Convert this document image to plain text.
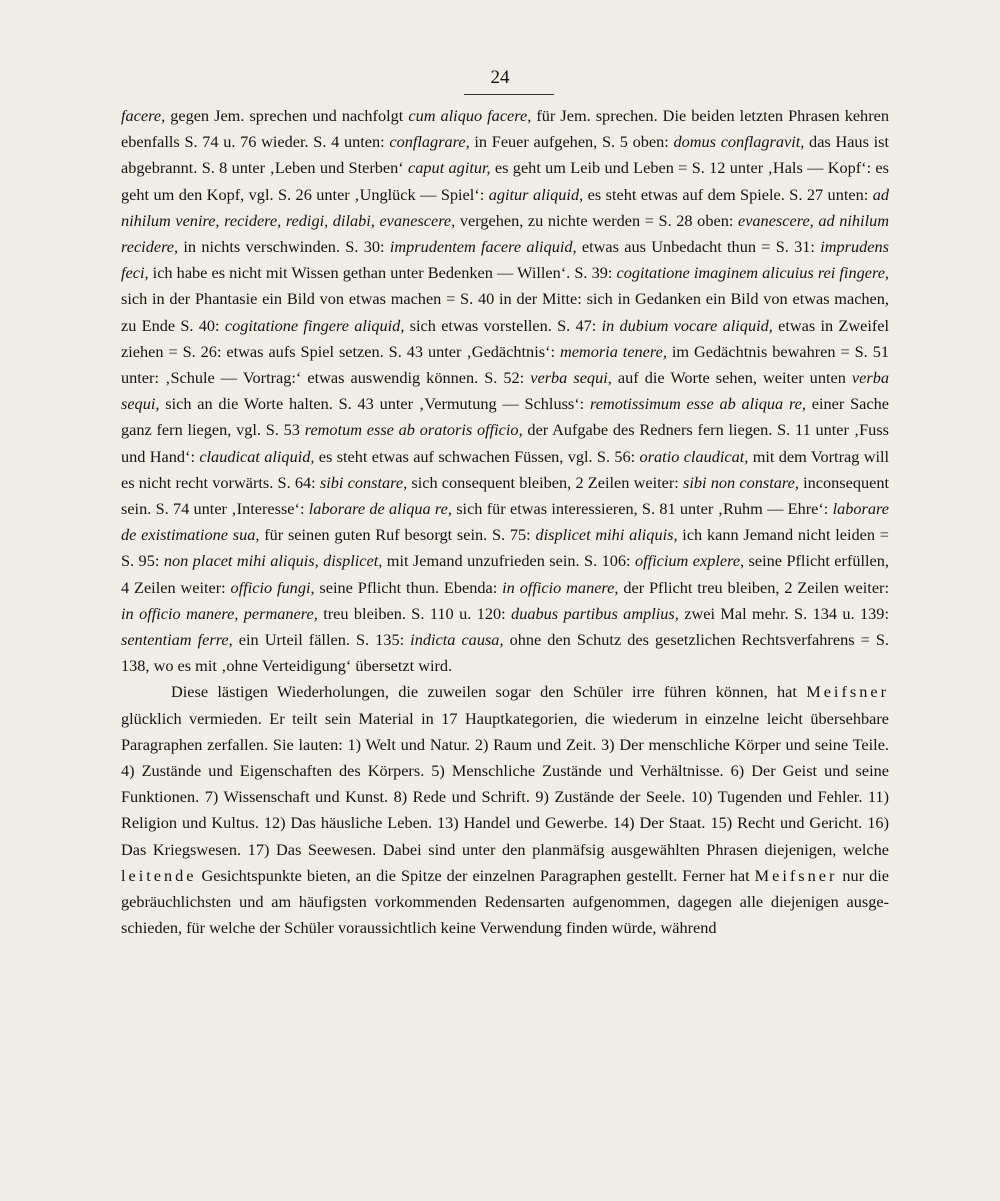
24

facere, gegen Jem. sprechen und nachfolgt cum aliquo facere, für Jem. sprechen. Die beiden letzten Phrasen kehren ebenfalls S. 74 u. 76 wieder. S. 4 unten: conflagrare, in Feuer aufgehen, S. 5 oben: domus conflagravit, das Haus ist abgebrannt. S. 8 unter ‚Leben und Sterben‘ caput agitur, es geht um Leib und Leben = S. 12 unter ‚Hals — Kopf‘: es geht um den Kopf, vgl. S. 26 unter ‚Unglück — Spiel‘: agitur aliquid, es steht etwas auf dem Spiele. S. 27 unten: ad nihilum venire, recidere, redigi, dilabi, evanescere, vergehen, zu nichte werden = S. 28 oben: evanescere, ad nihilum recidere, in nichts verschwinden. S. 30: imprudentem facere aliquid, etwas aus Unbedacht thun = S. 31: imprudens feci, ich habe es nicht mit Wissen gethan unter Bedenken — Willen‘. S. 39: cogitatione imaginem alicuius rei fingere, sich in der Phantasie ein Bild von etwas machen = S. 40 in der Mitte: sich in Gedanken ein Bild von etwas machen, zu Ende S. 40: cogitatione fingere aliquid, sich etwas vorstellen. S. 47: in dubium vocare aliquid, etwas in Zweifel ziehen = S. 26: etwas aufs Spiel setzen. S. 43 unter ‚Gedächtnis‘: memoria tenere, im Gedächtnis bewahren = S. 51 unter: ‚Schule — Vortrag:‘ etwas auswendig können. S. 52: verba sequi, auf die Worte sehen, weiter unten verba sequi, sich an die Worte halten. S. 43 unter ‚Vermutung — Schluss‘: remotissimum esse ab aliqua re, einer Sache ganz fern liegen, vgl. S. 53 remotum esse ab oratoris officio, der Aufgabe des Redners fern liegen. S. 11 unter ‚Fuss und Hand‘: claudicat aliquid, es steht etwas auf schwachen Füssen, vgl. S. 56: oratio claudicat, mit dem Vortrag will es nicht recht vorwärts. S. 64: sibi constare, sich consequent bleiben, 2 Zeilen weiter: sibi non constare, inconsequent sein. S. 74 unter ‚Interesse‘: laborare de aliqua re, sich für etwas interessieren, S. 81 unter ‚Ruhm — Ehre‘: laborare de existimatione sua, für seinen guten Ruf besorgt sein. S. 75: displicet mihi aliquis, ich kann Jemand nicht leiden = S. 95: non placet mihi aliquis, displicet, mit Jemand unzufrieden sein. S. 106: officium explere, seine Pflicht erfüllen, 4 Zeilen weiter: officio fungi, seine Pflicht thun. Ebenda: in officio manere, der Pflicht treu bleiben, 2 Zeilen weiter: in officio manere, permanere, treu bleiben. S. 110 u. 120: duabus partibus amplius, zwei Mal mehr. S. 134 u. 139: sententiam ferre, ein Urteil fällen. S. 135: indicta causa, ohne den Schutz des gesetzlichen Rechtsverfahrens = S. 138, wo es mit ‚ohne Verteidigung‘ übersetzt wird.

Diese lästigen Wiederholungen, die zuweilen sogar den Schüler irre führen können, hat Meifsner glücklich vermieden. Er teilt sein Material in 17 Hauptkategorien, die wiederum in einzelne leicht übersehbare Paragraphen zerfallen. Sie lauten: 1) Welt und Natur. 2) Raum und Zeit. 3) Der menschliche Körper und seine Teile. 4) Zustände und Eigenschaften des Körpers. 5) Menschliche Zustände und Verhältnisse. 6) Der Geist und seine Funktionen. 7) Wissenschaft und Kunst. 8) Rede und Schrift. 9) Zustände der Seele. 10) Tugenden und Fehler. 11) Religion und Kultus. 12) Das häusliche Leben. 13) Handel und Gewerbe. 14) Der Staat. 15) Recht und Gericht. 16) Das Kriegswesen. 17) Das Seewesen. Dabei sind unter den planmäfsig ausgewählten Phrasen diejenigen, welche leitende Gesichtspunkte bieten, an die Spitze der einzelnen Paragraphen gestellt. Ferner hat Meifsner nur die gebräuchlichsten und am häufigsten vorkommenden Redensarten aufgenommen, dagegen alle diejenigen ausgeschieden, für welche der Schüler voraussichtlich keine Verwendung finden würde, während
